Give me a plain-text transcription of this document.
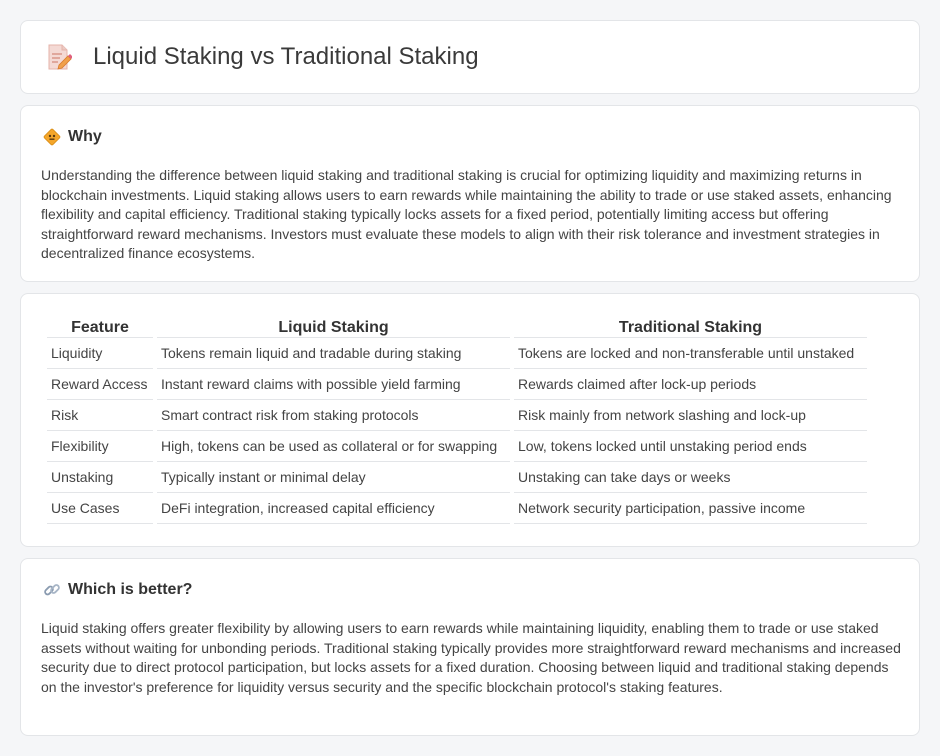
Liquid Staking vs Traditional Staking
Why

Understanding the difference between liquid staking and traditional staking is crucial for optimizing liquidity and maximizing returns in blockchain investments. Liquid staking allows users to earn rewards while maintaining the ability to trade or use staked assets, enhancing flexibility and capital efficiency. Traditional staking typically locks assets for a fixed period, potentially limiting access but offering straightforward reward mechanisms. Investors must evaluate these models to align with their risk tolerance and investment strategies in decentralized finance ecosystems.

Feature	Liquid Staking	Traditional Staking
Liquidity	Tokens remain liquid and tradable during staking	Tokens are locked and non-transferable until unstaked
Reward Access	Instant reward claims with possible yield farming	Rewards claimed after lock-up periods
Risk	Smart contract risk from staking protocols	Risk mainly from network slashing and lock-up
Flexibility	High, tokens can be used as collateral or for swapping	Low, tokens locked until unstaking period ends
Unstaking	Typically instant or minimal delay	Unstaking can take days or weeks
Use Cases	DeFi integration, increased capital efficiency	Network security participation, passive income
Which is better?

Liquid staking offers greater flexibility by allowing users to earn rewards while maintaining liquidity, enabling them to trade or use staked assets without waiting for unbonding periods. Traditional staking typically provides more straightforward reward mechanisms and increased security due to direct protocol participation, but locks assets for a fixed duration. Choosing between liquid and traditional staking depends on the investor's preference for liquidity versus security and the specific blockchain protocol's staking features.
